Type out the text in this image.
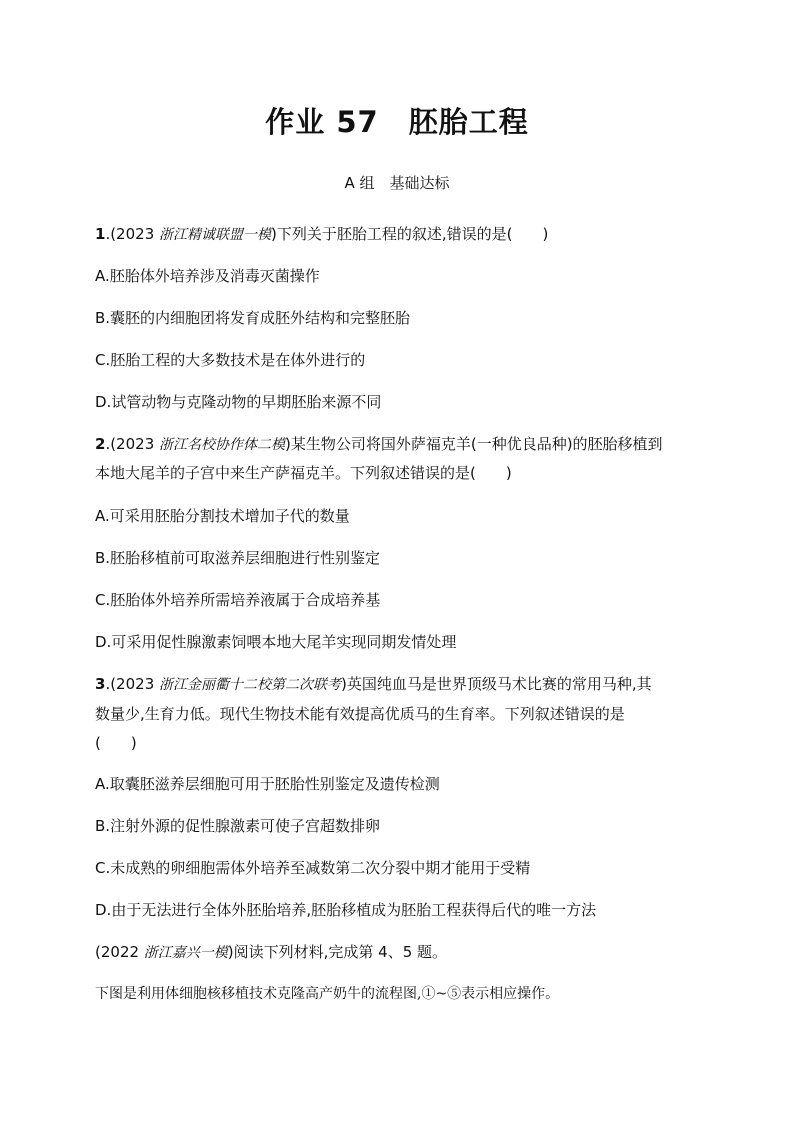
作业 57　胚胎工程
A 组　基础达标
1.(2023 浙江精诚联盟一模)下列关于胚胎工程的叙述,错误的是(　　)
A.胚胎体外培养涉及消毒灭菌操作
B.囊胚的内细胞团将发育成胚外结构和完整胚胎
C.胚胎工程的大多数技术是在体外进行的
D.试管动物与克隆动物的早期胚胎来源不同
2.(2023 浙江名校协作体二模)某生物公司将国外萨福克羊(一种优良品种)的胚胎移植到
本地大尾羊的子宫中来生产萨福克羊。下列叙述错误的是(　　)
A.可采用胚胎分割技术增加子代的数量
B.胚胎移植前可取滋养层细胞进行性别鉴定
C.胚胎体外培养所需培养液属于合成培养基
D.可采用促性腺激素饲喂本地大尾羊实现同期发情处理
3.(2023 浙江金丽衢十二校第二次联考)英国纯血马是世界顶级马术比赛的常用马种,其
数量少,生育力低。现代生物技术能有效提高优质马的生育率。下列叙述错误的是
(　　)
A.取囊胚滋养层细胞可用于胚胎性别鉴定及遗传检测
B.注射外源的促性腺激素可使子宫超数排卵
C.未成熟的卵细胞需体外培养至减数第二次分裂中期才能用于受精
D.由于无法进行全体外胚胎培养,胚胎移植成为胚胎工程获得后代的唯一方法
(2022 浙江嘉兴一模)阅读下列材料,完成第 4、5 题。
下图是利用体细胞核移植技术克隆高产奶牛的流程图,①~⑤表示相应操作。
